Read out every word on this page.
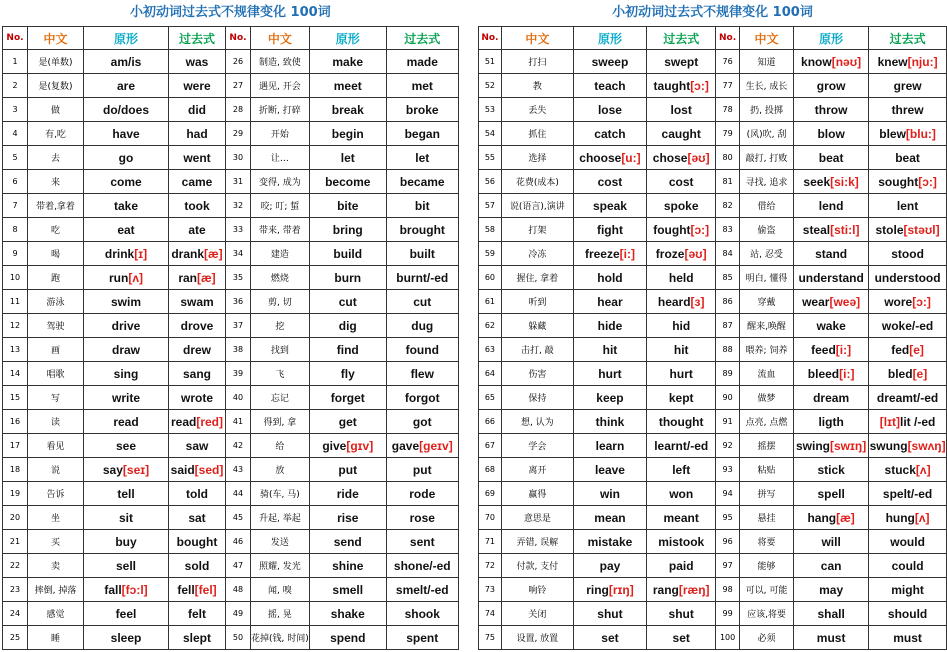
小初动词过去式不规律变化 100词
No.	中文	原形	过去式	No.	中文	原形	过去式
1	是(单数)	am/is	was	26	制造, 致使	make	made
2	是(复数)	are	were	27	遇见, 开会	meet	met
3	做	do/does	did	28	折断, 打碎	break	broke
4	有,吃	have	had	29	开始	begin	began
5	去	go	went	30	让…	let	let
6	来	come	came	31	变得, 成为	become	became
7	带着,拿着	take	took	32	咬; 叮; 蜇	bite	bit
8	吃	eat	ate	33	带来, 带着	bring	brought
9	喝	drink[ɪ]	drank[æ]	34	建造	build	built
10	跑	run[ʌ]	ran[æ]	35	燃烧	burn	burnt/-ed
11	游泳	swim	swam	36	剪, 切	cut	cut
12	驾驶	drive	drove	37	挖	dig	dug
13	画	draw	drew	38	找到	find	found
14	唱歌	sing	sang	39	飞	fly	flew
15	写	write	wrote	40	忘记	forget	forgot
16	读	read	read[red]	41	得到, 拿	get	got
17	看见	see	saw	42	给	give[gɪv]	gave[geɪv]
18	说	say[seɪ]	said[sed]	43	放	put	put
19	告诉	tell	told	44	骑(车, 马)	ride	rode
20	坐	sit	sat	45	升起, 举起	rise	rose
21	买	buy	bought	46	发送	send	sent
22	卖	sell	sold	47	照耀, 发光	shine	shone/-ed
23	摔倒, 掉落	fall[fɔ:l]	fell[fel]	48	闻, 嗅	smell	smelt/-ed
24	感觉	feel	felt	49	摇, 晃	shake	shook
25	睡	sleep	slept	50	花掉(钱, 时间)	spend	spent
小初动词过去式不规律变化 100词
No.	中文	原形	过去式	No.	中文	原形	过去式
51	打扫	sweep	swept	76	知道	know[nəʊ]	knew[nju:]
52	教	teach	taught[ɔ:]	77	生长, 成长	grow	grew
53	丢失	lose	lost	78	扔, 投掷	throw	threw
54	抓住	catch	caught	79	(风)吹, 刮	blow	blew[blu:]
55	选择	choose[u:]	chose[əʊ]	80	敲打, 打败	beat	beat
56	花费(成本)	cost	cost	81	寻找, 追求	seek[si:k]	sought[ɔ:]
57	说(语言),演讲	speak	spoke	82	借给	lend	lent
58	打架	fight	fought[ɔ:]	83	偷盗	steal[sti:l]	stole[stəʊl]
59	冷冻	freeze[i:]	froze[əʊ]	84	站, 忍受	stand	stood
60	握住, 拿着	hold	held	85	明白, 懂得	understand	understood
61	听到	hear	heard[ɜ]	86	穿戴	wear[weə]	wore[ɔ:]
62	躲藏	hide	hid	87	醒来,唤醒	wake	woke/-ed
63	击打, 敲	hit	hit	88	喂养; 饲养	feed[i:]	fed[e]
64	伤害	hurt	hurt	89	流血	bleed[i:]	bled[e]
65	保持	keep	kept	90	做梦	dream	dreamt/-ed
66	想, 认为	think	thought	91	点亮, 点燃	ligth	[lɪt]lit /-ed
67	学会	learn	learnt/-ed	92	摇摆	swing[swɪŋ]	swung[swʌŋ]
68	离开	leave	left	93	粘贴	stick	stuck[ʌ]
69	赢得	win	won	94	拼写	spell	spelt/-ed
70	意思是	mean	meant	95	悬挂	hang[æ]	hung[ʌ]
71	弄错, 误解	mistake	mistook	96	将要	will	would
72	付款, 支付	pay	paid	97	能够	can	could
73	响铃	ring[rɪŋ]	rang[ræŋ]	98	可以, 可能	may	might
74	关闭	shut	shut	99	应该,将要	shall	should
75	设置, 放置	set	set	100	必须	must	must
